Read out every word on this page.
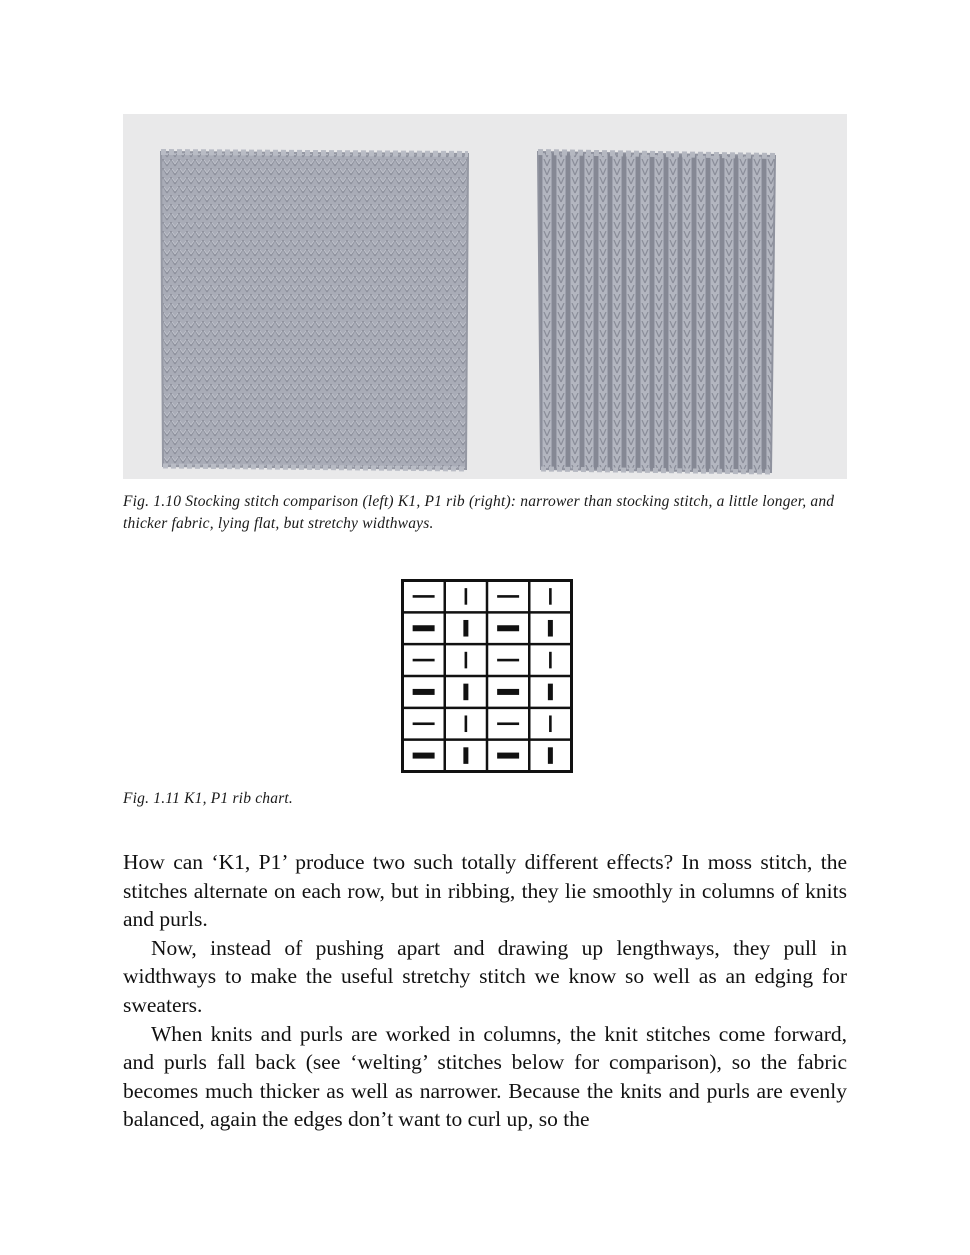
Fig. 1.10 Stocking stitch comparison (left) K1, P1 rib (right): narrower than stocking stitch, a little longer, and thicker fabric, lying flat, but stretchy widthways.
Fig. 1.11 K1, P1 rib chart.

How can ‘K1, P1’ produce two such totally different effects? In moss stitch, the stitches alternate on each row, but in ribbing, they lie smoothly in columns of knits and purls.

Now, instead of pushing apart and drawing up lengthways, they pull in widthways to make the useful stretchy stitch we know so well as an edging for sweaters.

When knits and purls are worked in columns, the knit stitches come forward, and purls fall back (see ‘welting’ stitches below for comparison), so the fabric becomes much thicker as well as narrower. Because the knits and purls are evenly balanced, again the edges don’t want to curl up, so the
